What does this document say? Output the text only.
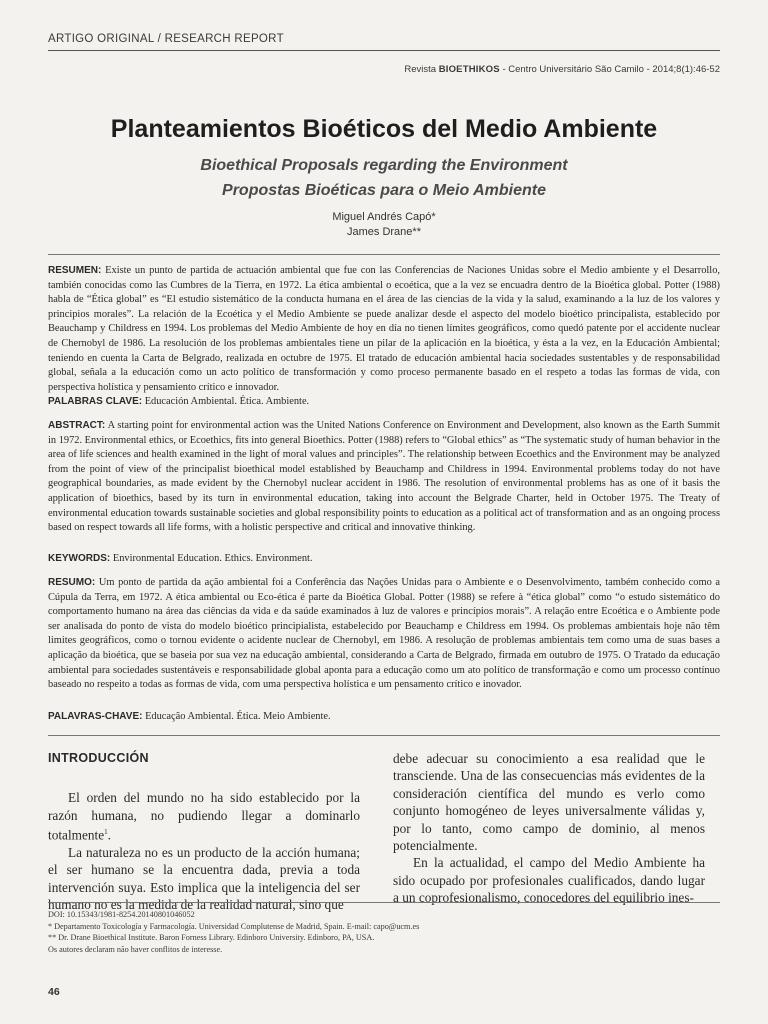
ARTIGO ORIGINAL / RESEARCH REPORT
Revista BIOETHIKOS - Centro Universitário São Camilo - 2014;8(1):46-52
Planteamientos Bioéticos del Medio Ambiente
Bioethical Proposals regarding the Environment
Propostas Bioéticas para o Meio Ambiente
Miguel Andrés Capó*
James Drane**
RESUMEN: Existe un punto de partida de actuación ambiental que fue con las Conferencias de Naciones Unidas sobre el Medio ambiente y el Desarrollo, también conocidas como las Cumbres de la Tierra, en 1972. La ética ambiental o ecoética, que a la vez se encuadra dentro de la Bioética global. Potter (1988) habla de “Ética global” es “El estudio sistemático de la conducta humana en el área de las ciencias de la vida y la salud, examinando a la luz de los valores y principios morales”. La relación de la Ecoética y el Medio Ambiente se puede analizar desde el aspecto del modelo bioético principalista, establecido por Beauchamp y Childress en 1994. Los problemas del Medio Ambiente de hoy en día no tienen límites geográficos, como quedó patente por el accidente nuclear de Chernobyl de 1986. La resolución de los problemas ambientales tiene un pilar de la aplicación en la bioética, y ésta a la vez, en la Educación Ambiental; teniendo en cuenta la Carta de Belgrado, realizada en octubre de 1975. El tratado de educación ambiental hacia sociedades sustentables y de responsabilidad global, señala a la educación como un acto político de transformación y como proceso permanente basado en el respeto a todas las formas de vida, con perspectiva holística y pensamiento crítico e innovador.
PALABRAS CLAVE: Educación Ambiental. Ética. Ambiente.
ABSTRACT: A starting point for environmental action was the United Nations Conference on Environment and Development, also known as the Earth Summit in 1972. Environmental ethics, or Ecoethics, fits into general Bioethics. Potter (1988) refers to “Global ethics” as “The systematic study of human behavior in the area of life sciences and health examined in the light of moral values and principles”. The relationship between Ecoethics and the Environment may be analyzed from the point of view of the principalist bioethical model established by Beauchamp and Childress in 1994. Environmental problems today do not have geographical boundaries, as made evident by the Chernobyl nuclear accident in 1986. The resolution of environmental problems has as one of it basis the application of bioethics, based by its turn in environmental education, taking into account the Belgrade Charter, held in October 1975. The Treaty of environmental education towards sustainable societies and global responsibility points to education as a political act of transformation and as an ongoing process based on respect towards all life forms, with a holistic perspective and critical and innovative thinking.
KEYWORDS: Environmental Education. Ethics. Environment.
RESUMO: Um ponto de partida da ação ambiental foi a Conferência das Nações Unidas para o Ambiente e o Desenvolvimento, também conhecido como a Cúpula da Terra, em 1972. A ética ambiental ou Eco-ética é parte da Bioética Global. Potter (1988) se refere à “ética global” como “o estudo sistemático do comportamento humano na área das ciências da vida e da saúde examinados à luz de valores e princípios morais”. A relação entre Ecoética e o Ambiente pode ser analisada do ponto de vista do modelo bioético principialista, estabelecido por Beauchamp e Childress em 1994. Os problemas ambientais hoje não têm limites geográficos, como o tornou evidente o acidente nuclear de Chernobyl, em 1986. A resolução de problemas ambientais tem como uma de suas bases a aplicação da bioética, que se baseia por sua vez na educação ambiental, considerando a Carta de Belgrado, firmada em outubro de 1975. O Tratado da educação ambiental para sociedades sustentáveis e responsabilidade global aponta para a educação como um ato político de transformação e como um processo contínuo baseado no respeito a todas as formas de vida, com uma perspectiva holística e um pensamento crítico e inovador.
PALAVRAS-CHAVE: Educação Ambiental. Ética. Meio Ambiente.
INTRODUCCIÓN

El orden del mundo no ha sido establecido por la razón humana, no pudiendo llegar a dominarlo totalmente$^1$.

La naturaleza no es un producto de la acción humana; el ser humano se la encuentra dada, previa a toda intervención suya. Esto implica que la inteligencia del ser humano no es la medida de la realidad natural, sino que

debe adecuar su conocimiento a esa realidad que le transciende. Una de las consecuencias más evidentes de la consideración científica del mundo es verlo como conjunto homogéneo de leyes universalmente válidas y, por lo tanto, como campo de dominio, al menos potencialmente.

En la actualidad, el campo del Medio Ambiente ha sido ocupado por profesionales cualificados, dando lugar a un coprofesionalismo, conocedores del equilibrio ines-

DOI: 10.15343/1981-8254.20140801046052
* Departamento Toxicología y Farmacología. Universidad Complutense de Madrid, Spain. E-mail: capo@ucm.es
** Dr. Drane Bioethical Institute. Baron Forness Library. Edinboro University. Edinboro, PA, USA.
Os autores declaram não haver conflitos de interesse.
46
